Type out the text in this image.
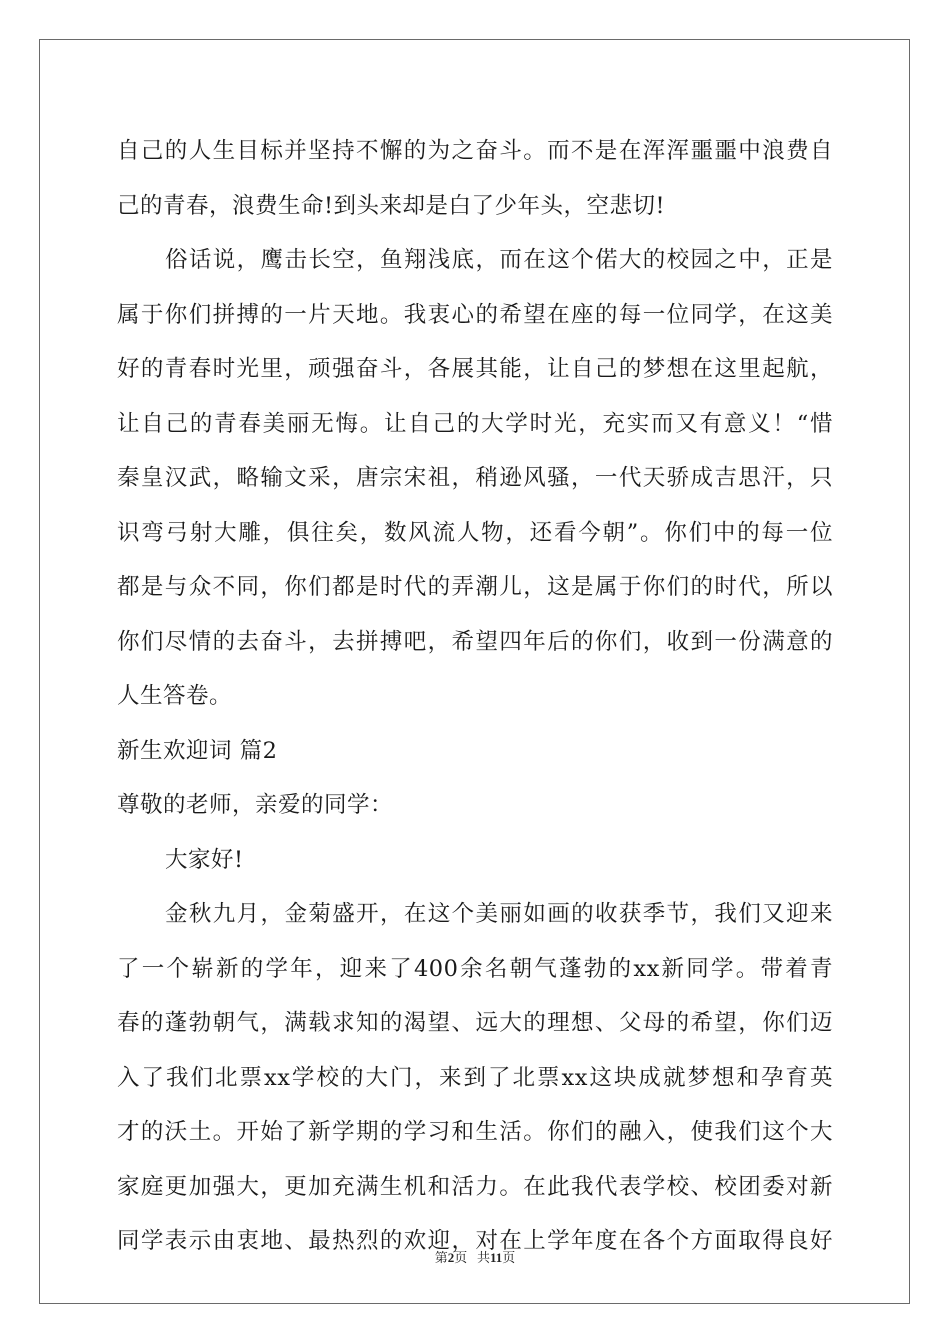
自己的人生目标并坚持不懈的为之奋斗。而不是在浑浑噩噩中浪费自
己的青春，浪费生命!到头来却是白了少年头，空悲切!
俗话说，鹰击长空，鱼翔浅底，而在这个偌大的校园之中，正是
属于你们拼搏的一片天地。我衷心的希望在座的每一位同学，在这美
好的青春时光里，顽强奋斗，各展其能，让自己的梦想在这里起航，
让自己的青春美丽无悔。让自己的大学时光，充实而又有意义！“惜
秦皇汉武，略输文采，唐宗宋祖，稍逊风骚，一代天骄成吉思汗，只
识弯弓射大雕，俱往矣，数风流人物，还看今朝”。你们中的每一位
都是与众不同，你们都是时代的弄潮儿，这是属于你们的时代，所以
你们尽情的去奋斗，去拼搏吧，希望四年后的你们，收到一份满意的
人生答卷。
新生欢迎词 篇2
尊敬的老师，亲爱的同学：
大家好!
金秋九月，金菊盛开，在这个美丽如画的收获季节，我们又迎来
了一个崭新的学年，迎来了400余名朝气蓬勃的xx新同学。带着青
春的蓬勃朝气，满载求知的渴望、远大的理想、父母的希望，你们迈
入了我们北票xx学校的大门，来到了北票xx这块成就梦想和孕育英
才的沃土。开始了新学期的学习和生活。你们的融入，使我们这个大
家庭更加强大，更加充满生机和活力。在此我代表学校、校团委对新
同学表示由衷地、最热烈的欢迎，对在上学年度在各个方面取得良好
第2页 共11页
